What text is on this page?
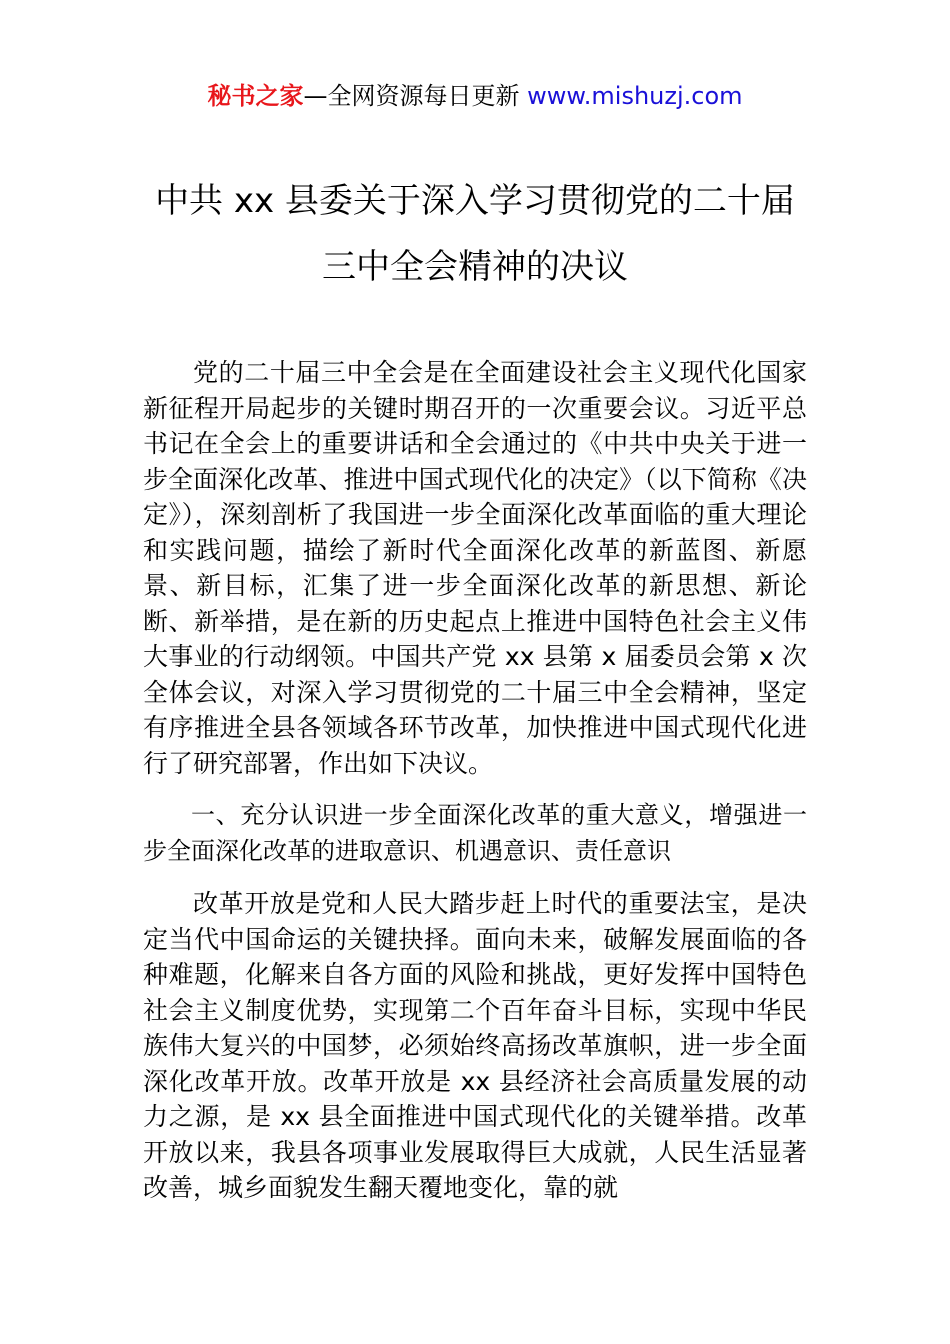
秘书之家—全网资源每日更新 www.mishuzj.com
中共 xx 县委关于深入学习贯彻党的二十届
三中全会精神的决议

党的二十届三中全会是在全面建设社会主义现代化国家新征程开局起步的关键时期召开的一次重要会议。习近平总书记在全会上的重要讲话和全会通过的《中共中央关于进一步全面深化改革、推进中国式现代化的决定》（以下简称《决定》），深刻剖析了我国进一步全面深化改革面临的重大理论和实践问题，描绘了新时代全面深化改革的新蓝图、新愿景、新目标，汇集了进一步全面深化改革的新思想、新论断、新举措，是在新的历史起点上推进中国特色社会主义伟大事业的行动纲领。中国共产党 xx 县第 x 届委员会第 x 次全体会议，对深入学习贯彻党的二十届三中全会精神，坚定有序推进全县各领域各环节改革，加快推进中国式现代化进行了研究部署，作出如下决议。

一、充分认识进一步全面深化改革的重大意义，增强进一步全面深化改革的进取意识、机遇意识、责任意识

改革开放是党和人民大踏步赶上时代的重要法宝，是决定当代中国命运的关键抉择。面向未来，破解发展面临的各种难题，化解来自各方面的风险和挑战，更好发挥中国特色社会主义制度优势，实现第二个百年奋斗目标，实现中华民族伟大复兴的中国梦，必须始终高扬改革旗帜，进一步全面深化改革开放。改革开放是 xx 县经济社会高质量发展的动力之源，是 xx 县全面推进中国式现代化的关键举措。改革开放以来，我县各项事业发展取得巨大成就，人民生活显著改善，城乡面貌发生翻天覆地变化，靠的就
